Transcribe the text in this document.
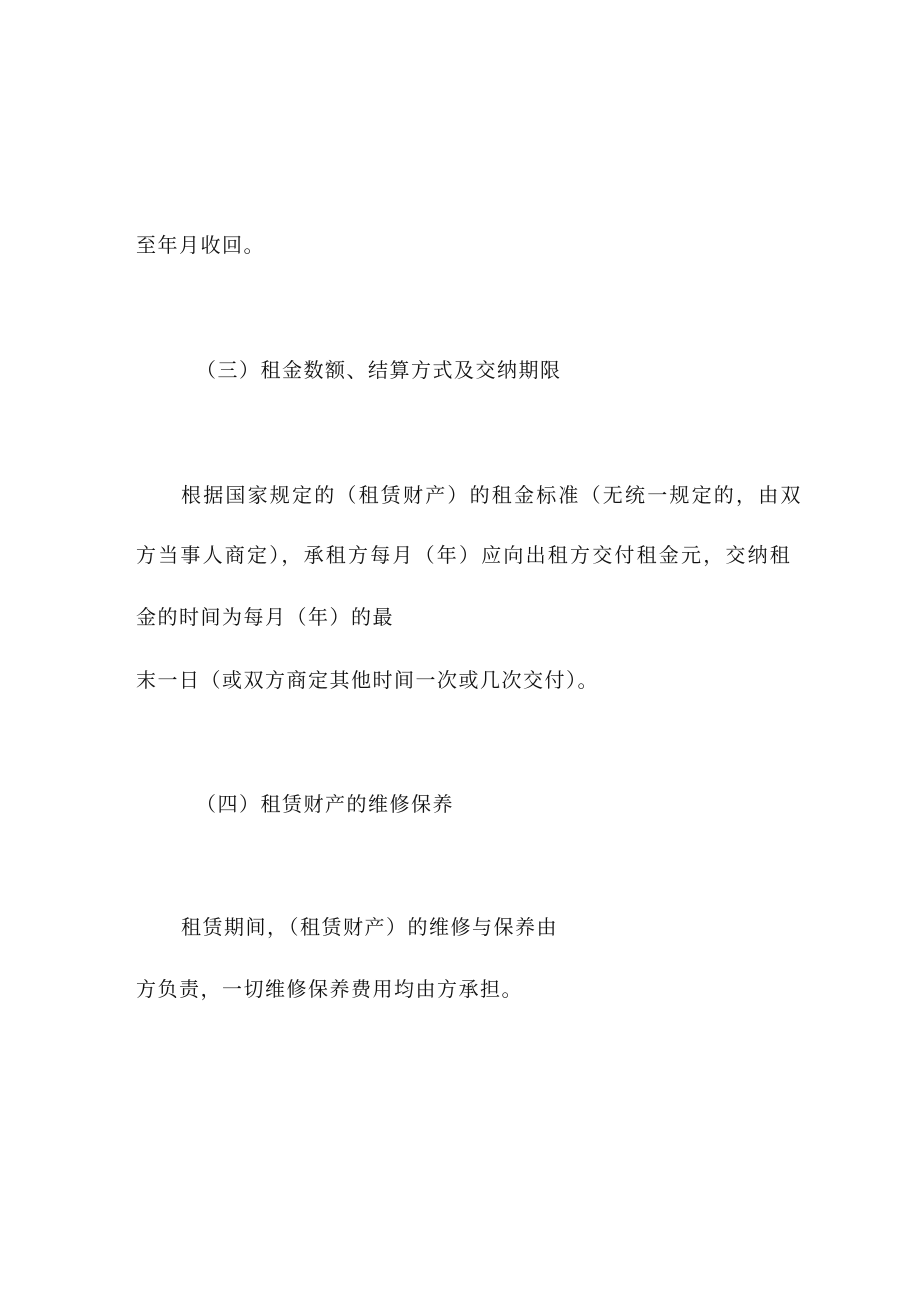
至年月收回。
（三）租金数额、结算方式及交纳期限
根据国家规定的（租赁财产）的租金标准（无统一规定的，由双
方当事人商定），承租方每月（年）应向出租方交付租金元，交纳租
金的时间为每月（年）的最
末一日（或双方商定其他时间一次或几次交付）。
（四）租赁财产的维修保养
租赁期间，（租赁财产）的维修与保养由
方负责，一切维修保养费用均由方承担。
